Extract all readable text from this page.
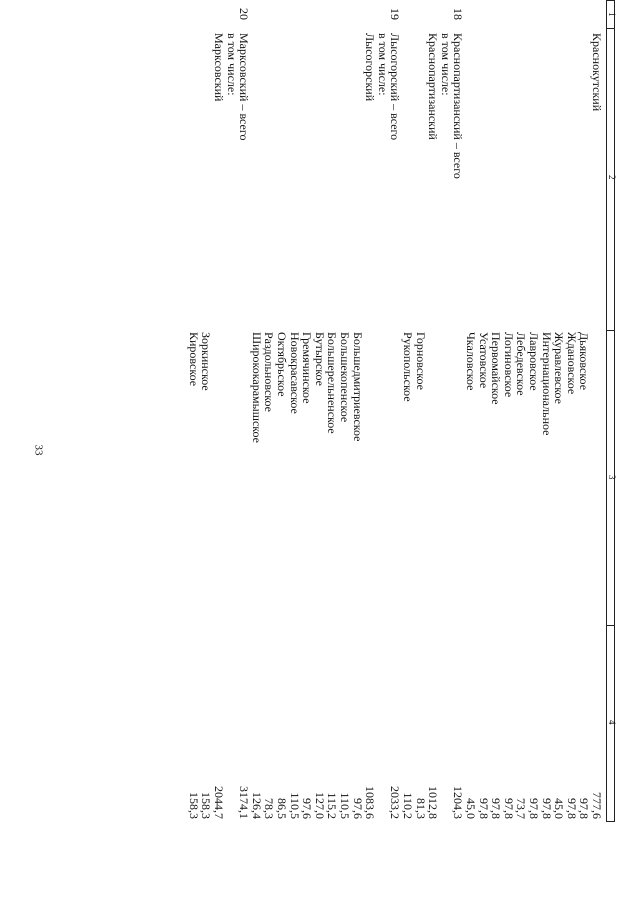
33
1
2
3
4
Краснокутский
777,6
Дьяковское
97,8
Ждановское
97,8
Журавлевское
45,0
Интернациональное
97,8
Лавровское
97,8
Лебедевское
73,7
Логиновское
97,8
Первомайское
97,8
Усатовское
97,8
Чкаловское
45,0
18
Краснопартизанский – всего
1204,3
в том числе:
Краснопартизанский
1012,8
Горновское
81,3
Рукопольское
110,2
19
Лысогорский – всего
2033,2
в том числе:
Лысогорский
1083,6
Большедмитриевское
97,6
Большекопенское
110,5
Большерельненское
115,2
Бутырское
127,0
Гремячинское
97,6
Новокрасавское
110,5
Октябрьское
86,5
Раздольновское
78,3
Ширококарамышское
126,4
20
Марксовский – всего
3174,1
в том числе:
Марксовский
2044,7
Зоркинское
158,3
Кировское
158,3
